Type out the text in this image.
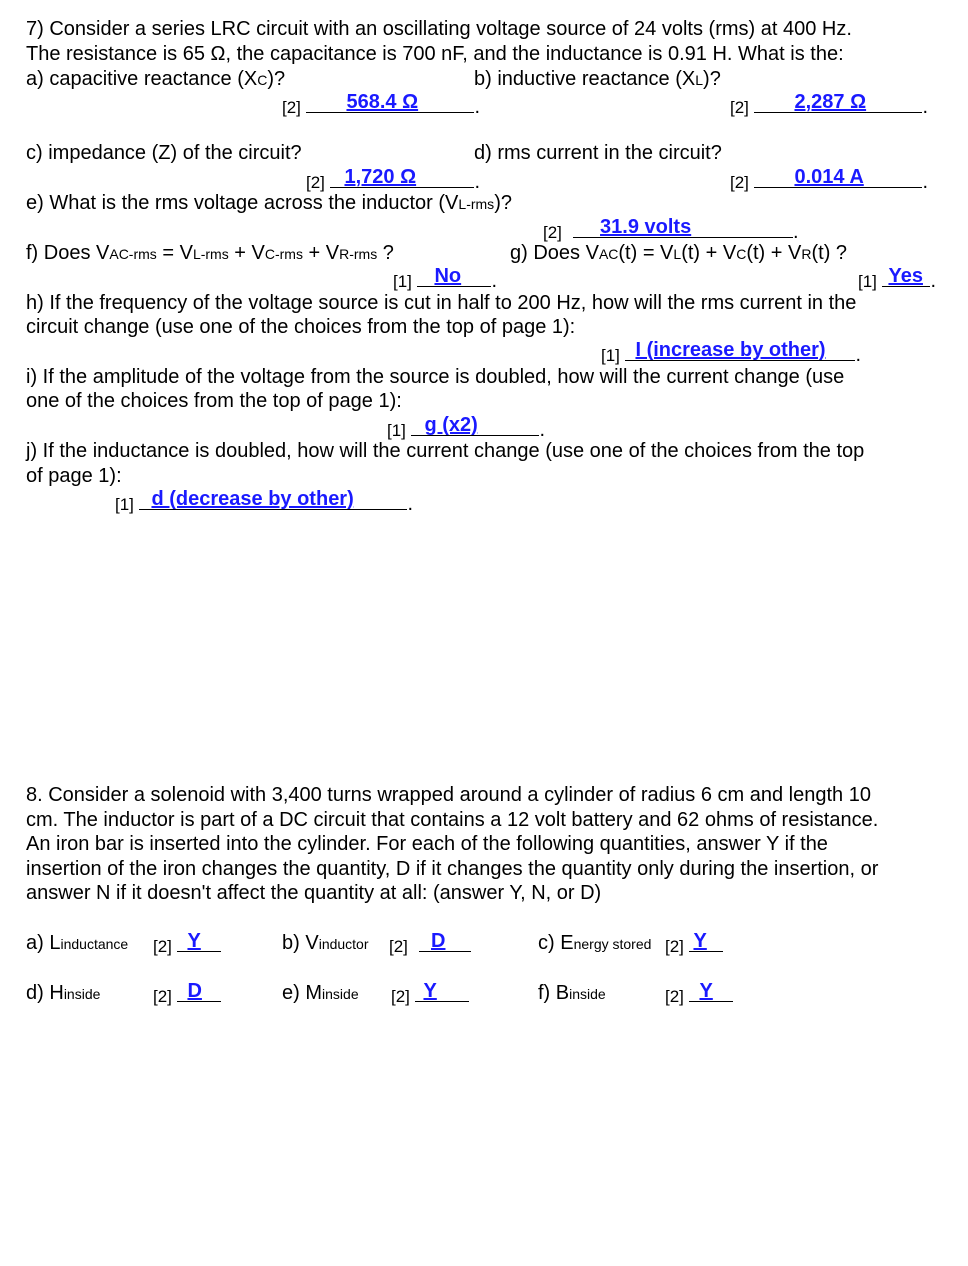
7) Consider a series LRC circuit with an oscillating voltage source of 24 volts (rms) at 400 Hz.
The resistance is 65 Ω, the capacitance is 700 nF, and the inductance is 0.91 H. What is the:
a) capacitive reactance (XC)?	b) inductive reactance (XL)?
[2] 568.4 Ω	.	[2] 2,287 Ω	.
c) impedance (Z) of the circuit?	d) rms current in the circuit?
[2] 1,720 Ω	.	[2] 0.014 A	.
e) What is the rms voltage across the inductor (VL-rms)?
[2] 31.9 volts	.
f) Does VAC-rms = VL-rms + VC-rms + VR-rms ?	g) Does VAC(t) = VL(t) + VC(t) + VR(t) ?
[1] No .	[1] Yes .
h) If the frequency of the voltage source is cut in half to 200 Hz, how will the rms current in the
circuit change (use one of the choices from the top of page 1):
[1] I (increase by other) .
i) If the amplitude of the voltage from the source is doubled, how will the current change (use
one of the choices from the top of page 1):
[1] g (x2)	.
j) If the inductance is doubled, how will the current change (use one of the choices from the top
of page 1):
[1] d (decrease by other)	.
8. Consider a solenoid with 3,400 turns wrapped around a cylinder of radius 6 cm and length 10
cm. The inductor is part of a DC circuit that contains a 12 volt battery and 62 ohms of resistance.
An iron bar is inserted into the cylinder. For each of the following quantities, answer Y if the
insertion of the iron changes the quantity, D if it changes the quantity only during the insertion, or
answer N if it doesn't affect the quantity at all: (answer Y, N, or D)
a) Linductance [2] Y	b) Vinductor [2] D	c) Energy stored [2] Y
d) Hinside	[2] D	e) Minside [2] Y	f) Binside	[2] Y
